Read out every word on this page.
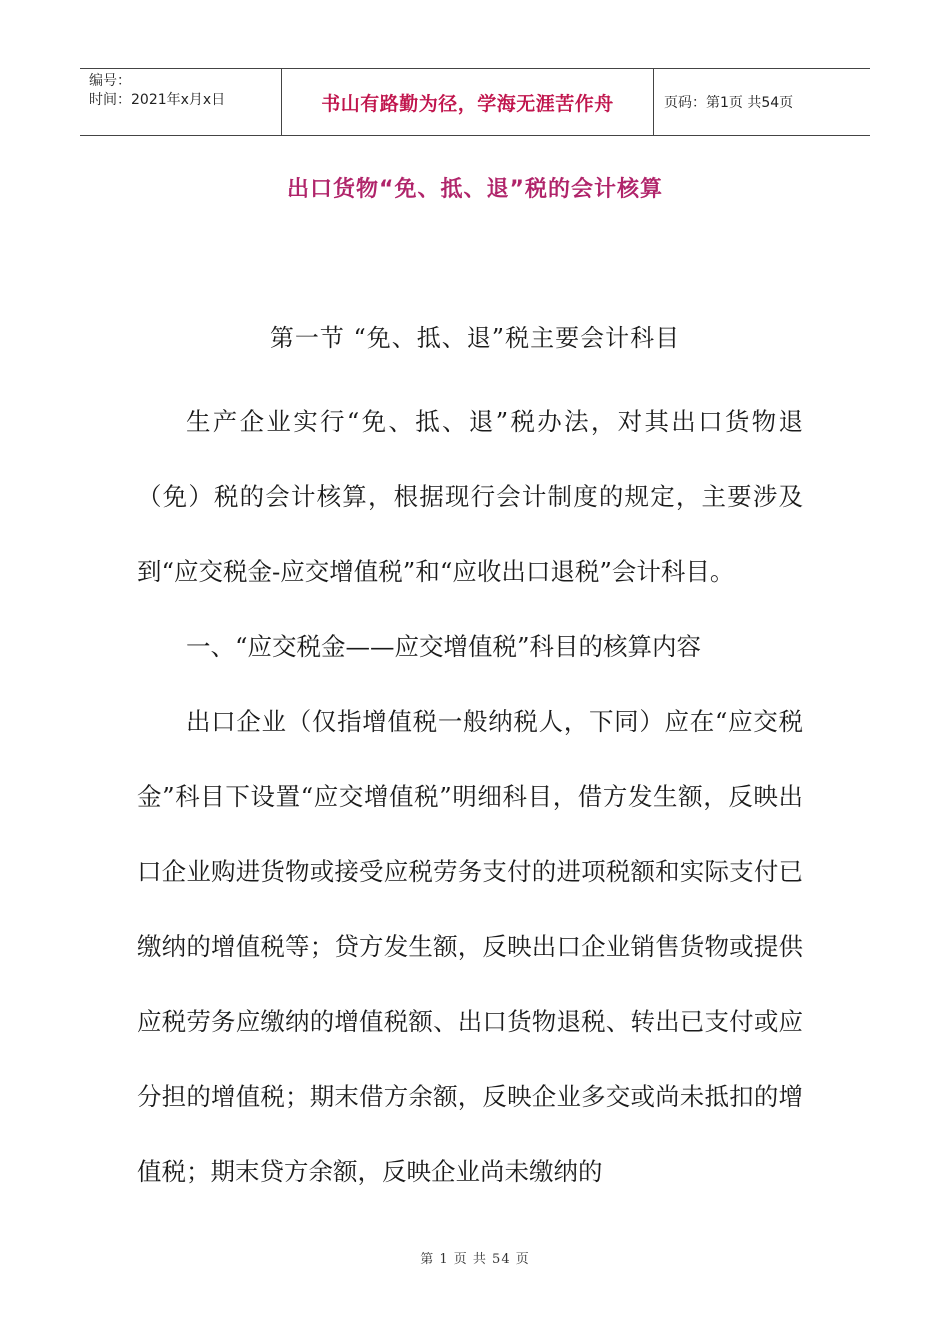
编号：
时间：2021年x月x日	书山有路勤为径，学海无涯苦作舟	页码：第1页 共54页
出口货物“免、抵、退”税的会计核算
第一节 “免、抵、退”税主要会计科目
生产企业实行“免、抵、退”税办法，对其出口货物退（免）税的会计核算，根据现行会计制度的规定，主要涉及到“应交税金-应交增值税”和“应收出口退税”会计科目。
一、“应交税金——应交增值税”科目的核算内容
出口企业（仅指增值税一般纳税人，下同）应在“应交税金”科目下设置“应交增值税”明细科目，借方发生额，反映出口企业购进货物或接受应税劳务支付的进项税额和实际支付已缴纳的增值税等；贷方发生额，反映出口企业销售货物或提供应税劳务应缴纳的增值税额、出口货物退税、转出已支付或应分担的增值税；期末借方余额，反映企业多交或尚未抵扣的增值税；期末贷方余额，反映企业尚未缴纳的
第 1 页 共 54 页
